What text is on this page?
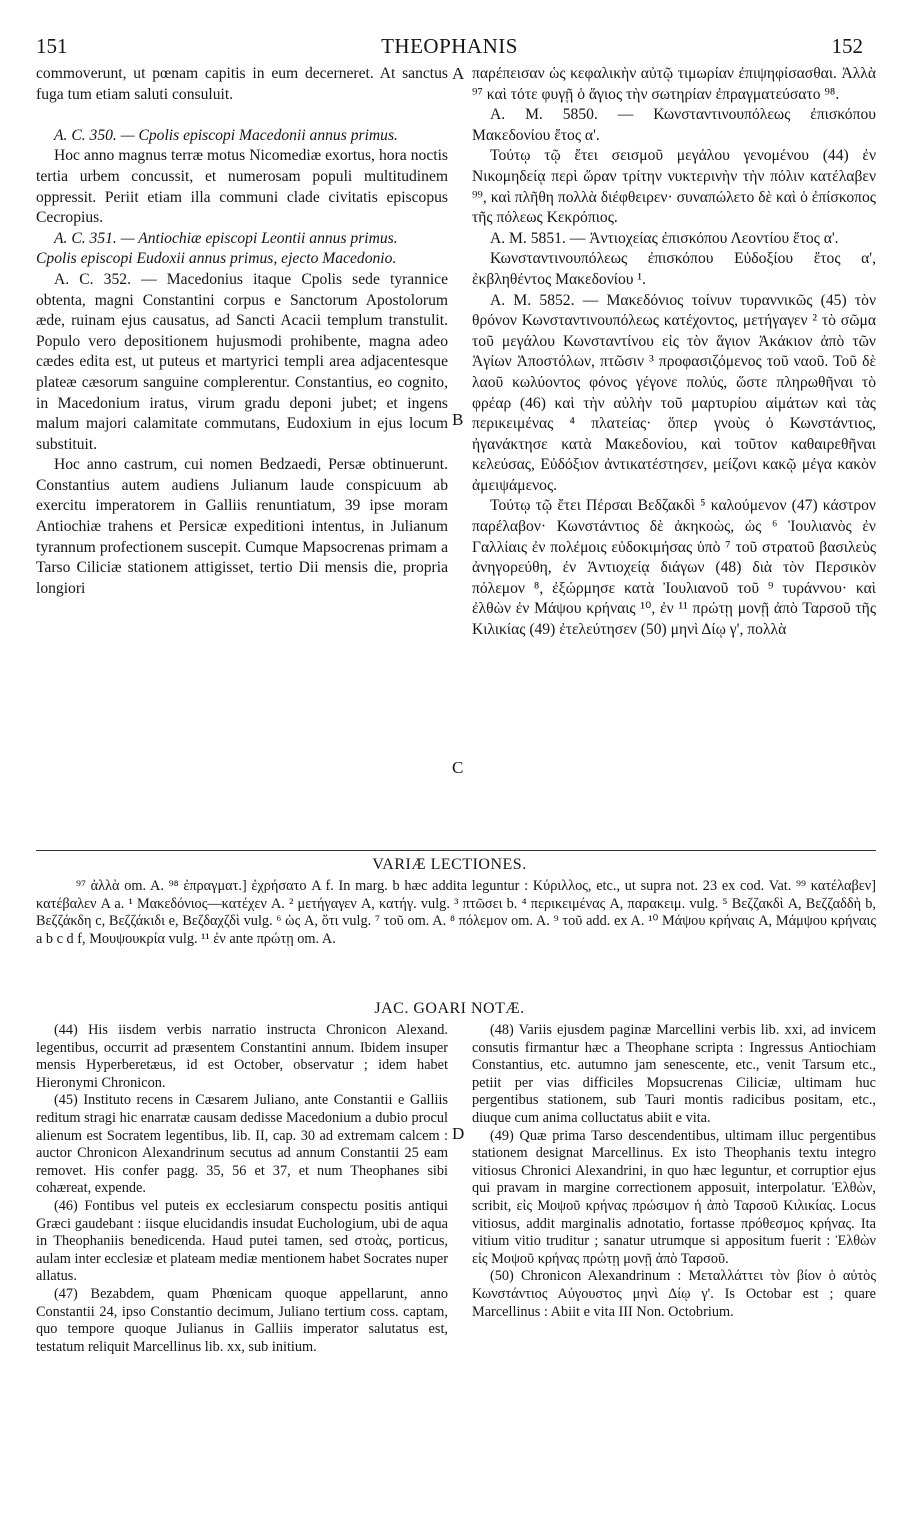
151	THEOPHANIS	152

commoverunt, ut pœnam capitis in eum decerneret. At sanctus fuga tum etiam saluti consuluit.

A. C. 350. — Cpolis episcopi Macedonii annus primus.

Hoc anno magnus terræ motus Nicomediæ exortus, hora noctis tertia urbem concussit, et numerosam populi multitudinem oppressit. Periit etiam illa communi clade civitatis episcopus Cecropius.

A. C. 351. — Antiochiæ episcopi Leontii annus primus.

Cpolis episcopi Eudoxii annus primus, ejecto Macedonio.

A. C. 352. — Macedonius itaque Cpolis sede tyrannice obtenta, magni Constantini corpus e Sanctorum Apostolorum æde, ruinam ejus causatus, ad Sancti Acacii templum transtulit. Populo vero depositionem hujusmodi prohibente, magna adeo cædes edita est, ut puteus et martyrici templi area adjacentesque plateæ cæsorum sanguine complerentur. Constantius, eo cognito, in Macedonium iratus, virum gradu deponi jubet; et ingens malum majori calamitate commutans, Eudoxium in ejus locum substituit.

Hoc anno castrum, cui nomen Bedzaedi, Persæ obtinuerunt. Constantius autem audiens Julianum laude conspicuum ab exercitu imperatorem in Galliis renuntiatum, 39 ipse moram Antiochiæ trahens et Persicæ expeditioni intentus, in Julianum tyrannum profectionem suscepit. Cumque Mapsocrenas primam a Tarso Ciliciæ stationem attigisset, tertio Dii mensis die, propria longiori

A
B
C

παρέπεισαν ὡς κεφαλικὴν αὐτῷ τιμωρίαν ἐπιψηφίσασθαι. Ἀλλὰ ⁹⁷ καὶ τότε φυγῇ ὁ ἅγιος τὴν σωτηρίαν ἐπραγματεύσατο ⁹⁸.

A. M. 5850. — Κωνσταντινουπόλεως ἐπισκόπου Μακεδονίου ἔτος α'.

Τούτῳ τῷ ἔτει σεισμοῦ μεγάλου γενομένου (44) ἐν Νικομηδείᾳ περὶ ὥραν τρίτην νυκτερινὴν τὴν πόλιν κατέλαβεν ⁹⁹, καὶ πλῆθη πολλὰ διέφθειρεν· συναπώλετο δὲ καὶ ὁ ἐπίσκοπος τῆς πόλεως Κεκρόπιος.

A. M. 5851. — Ἀντιοχείας ἐπισκόπου Λεοντίου ἔτος α'.

Κωνσταντινουπόλεως ἐπισκόπου Εὐδοξίου ἔτος α', ἐκβληθέντος Μακεδονίου ¹.

A. M. 5852. — Μακεδόνιος τοίνυν τυραννικῶς (45) τὸν θρόνον Κωνσταντινουπόλεως κατέχοντος, μετήγαγεν ² τὸ σῶμα τοῦ μεγάλου Κωνσταντίνου εἰς τὸν ἅγιον Ἀκάκιον ἀπὸ τῶν Ἁγίων Ἀποστόλων, πτῶσιν ³ προφασιζόμενος τοῦ ναοῦ. Τοῦ δὲ λαοῦ κωλύοντος φόνος γέγονε πολύς, ὥστε πληρωθῆναι τὸ φρέαρ (46) καὶ τὴν αὐλὴν τοῦ μαρτυρίου αἱμάτων καὶ τὰς περικειμένας ⁴ πλατείας· ὅπερ γνοὺς ὁ Κωνστάντιος, ἠγανάκτησε κατὰ Μακεδονίου, καὶ τοῦτον καθαιρεθῆναι κελεύσας, Εὐδόξιον ἀντικατέστησεν, μείζονι κακῷ μέγα κακὸν ἀμειψάμενος.

Τούτῳ τῷ ἔτει Πέρσαι Βεδζακδὶ ⁵ καλούμενον (47) κάστρον παρέλαβον· Κωνστάντιος δὲ ἀκηκοὼς, ὡς ⁶ Ἰουλιανὸς ἐν Γαλλίαις ἐν πολέμοις εὐδοκιμήσας ὑπὸ ⁷ τοῦ στρατοῦ βασιλεὺς ἀνηγορεύθη, ἐν Ἀντιοχείᾳ διάγων (48) διὰ τὸν Περσικὸν πόλεμον ⁸, ἐξώρμησε κατὰ Ἰουλιανοῦ τοῦ ⁹ τυράννου· καὶ ἐλθὼν ἐν Μάψου κρήναις ¹⁰, ἐν ¹¹ πρώτῃ μονῇ ἀπὸ Ταρσοῦ τῆς Κιλικίας (49) ἐτελεύτησεν (50) μηνὶ Δίῳ γ', πολλὰ

VARIÆ LECTIONES.

⁹⁷ ἀλλὰ om. A. ⁹⁸ ἐπραγματ.] ἐχρήσατο A f. In marg. b hæc addita leguntur : Κύριλλος, etc., ut supra not. 23 ex cod. Vat. ⁹⁹ κατέλαβεν] κατέβαλεν A a. ¹ Μακεδόνιος—κατέχεν A. ² μετήγαγεν A, κατήγ. vulg. ³ πτῶσει b. ⁴ περικειμένας A, παρακειμ. vulg. ⁵ Βεζζακδὶ A, Βεζζαδδὴ b, Βεζζάκδη c, Βεζζάκιδι e, Βεζδαχζδὶ vulg. ⁶ ὡς A, ὅτι vulg. ⁷ τοῦ om. A. ⁸ πόλεμον om. A. ⁹ τοῦ add. ex A. ¹⁰ Μάψου κρήναις A, Μάμψου κρήναις a b c d f, Μουψουκρία vulg. ¹¹ ἐν ante πρώτῃ om. A.

JAC. GOARI NOTÆ.

(44) His iisdem verbis narratio instructa Chronicon Alexand. legentibus, occurrit ad præsentem Constantini annum. Ibidem insuper mensis Hyperberetæus, id est October, observatur ; idem habet Hieronymi Chronicon.

(45) Instituto recens in Cæsarem Juliano, ante Constantii e Galliis reditum stragi hic enarratæ causam dedisse Macedonium a dubio procul alienum est Socratem legentibus, lib. II, cap. 30 ad extremam calcem : auctor Chronicon Alexandrinum secutus ad annum Constantii 25 eam removet. His confer pagg. 35, 56 et 37, et num Theophanes sibi cohæreat, expende.

(46) Fontibus vel puteis ex ecclesiarum conspectu positis antiqui Græci gaudebant : iisque elucidandis insudat Euchologium, ubi de aqua in Theophaniis benedicenda. Haud putei tamen, sed στοὰς, porticus, aulam inter ecclesiæ et plateam mediæ mentionem habet Socrates nuper allatus.

(47) Bezabdem, quam Phœnicam quoque appellarunt, anno Constantii 24, ipso Constantio decimum, Juliano tertium coss. captam, quo tempore quoque Julianus in Galliis imperator salutatus est, testatum reliquit Marcellinus lib. xx, sub initium.

D

(48) Variis ejusdem paginæ Marcellini verbis lib. xxi, ad invicem consutis firmantur hæc a Theophane scripta : Ingressus Antiochiam Constantius, etc. autumno jam senescente, etc., venit Tarsum etc., petiit per vias difficiles Mopsucrenas Ciliciæ, ultimam huc pergentibus stationem, sub Tauri montis radicibus positam, etc., diuque cum anima colluctatus abiit e vita.

(49) Quæ prima Tarso descendentibus, ultimam illuc pergentibus stationem designat Marcellinus. Ex isto Theophanis textu integro vitiosus Chronici Alexandrini, in quo hæc leguntur, et corruptior ejus qui pravam in margine correctionem apposuit, interpolatur. Ἐλθὼν, scribit, εἰς Μοψοῦ κρήνας πρώσιμον ἡ ἀπὸ Ταρσοῦ Κιλικίας. Locus vitiosus, addit marginalis adnotatio, fortasse πρόθεσμος κρήνας. Ita vitium vitio truditur ; sanatur utrumque si appositum fuerit : Ἐλθὼν εἰς Μοψοῦ κρήνας πρώτῃ μονῇ ἀπὸ Ταρσοῦ.

(50) Chronicon Alexandrinum : Μεταλλάττει τὸν βίον ὁ αὐτὸς Κωνστάντιος Αὐγουστος μηνὶ Δίῳ γ'. Is Octobar est ; quare Marcellinus : Abiit e vita III Non. Octobrium.
